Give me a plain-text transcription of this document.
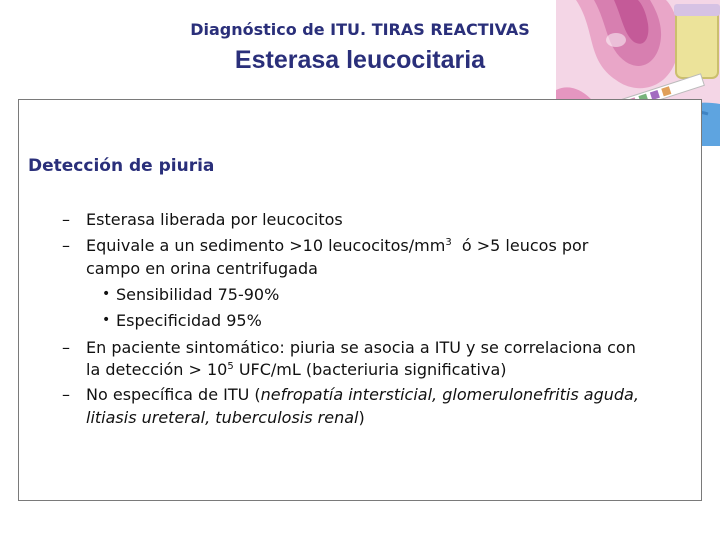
Diagnóstico de ITU. TIRAS REACTIVAS
Esterasa leucocitaria
Detección de piuria
– Esterasa liberada por leucocitos
– Equivale a un sedimento >10 leucocitos/$mm^3$  ó >5 leucos por
campo en orina centrifugada
• Sensibilidad 75-90%
• Especificidad 95%
– En paciente sintomático: piuria se asocia a ITU y se correlaciona con
la detección > $10^5$ UFC/mL (bacteriuria significativa)
– No específica de ITU (nefropatía intersticial, glomerulonefritis aguda,
litiasis ureteral, tuberculosis renal)
